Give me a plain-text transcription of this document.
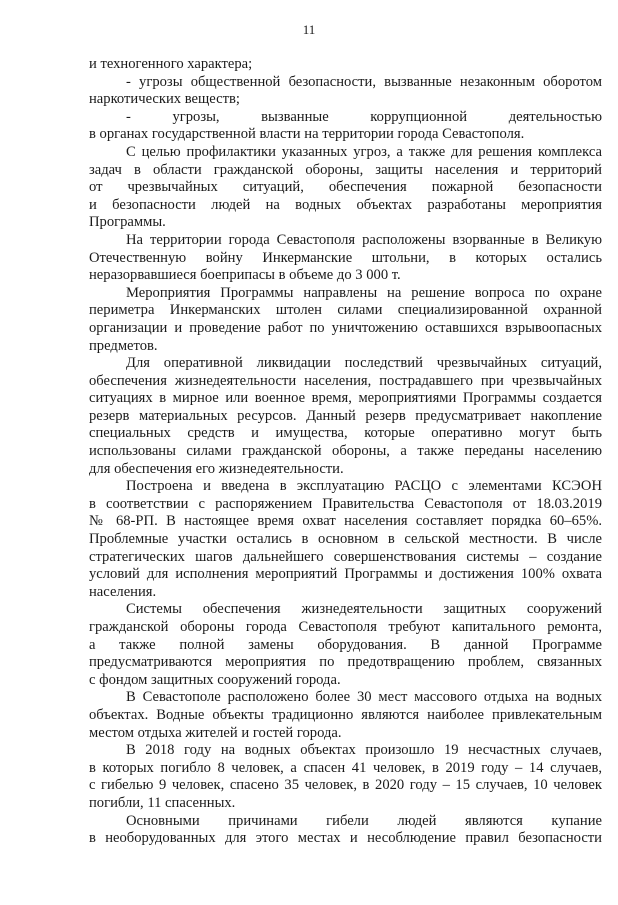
11
и техногенного характера;
- угрозы общественной безопасности, вызванные незаконным оборотом
наркотических веществ;
- угрозы, вызванные коррупционной деятельностью
в органах государственной власти на территории города Севастополя.
С целью профилактики указанных угроз, а также для решения комплекса
задач в области гражданской обороны, защиты населения и территорий
от чрезвычайных ситуаций, обеспечения пожарной безопасности
и безопасности людей на водных объектах разработаны мероприятия
Программы.
На территории города Севастополя расположены взорванные в Великую
Отечественную войну Инкерманские штольни, в которых остались
неразорвавшиеся боеприпасы в объеме до 3 000 т.
Мероприятия Программы направлены на решение вопроса по охране
периметра Инкерманских штолен силами специализированной охранной
организации и проведение работ по уничтожению оставшихся взрывоопасных
предметов.
Для оперативной ликвидации последствий чрезвычайных ситуаций,
обеспечения жизнедеятельности населения, пострадавшего при чрезвычайных
ситуациях в мирное или военное время, мероприятиями Программы создается
резерв материальных ресурсов. Данный резерв предусматривает накопление
специальных средств и имущества, которые оперативно могут быть
использованы силами гражданской обороны, а также переданы населению
для обеспечения его жизнедеятельности.
Построена и введена в эксплуатацию РАСЦО с элементами КСЭОН
в соответствии с распоряжением Правительства Севастополя от 18.03.2019
№ 68-РП. В настоящее время охват населения составляет порядка 60–65%.
Проблемные участки остались в основном в сельской местности. В числе
стратегических шагов дальнейшего совершенствования системы – создание
условий для исполнения мероприятий Программы и достижения 100% охвата
населения.
Системы обеспечения жизнедеятельности защитных сооружений
гражданской обороны города Севастополя требуют капитального ремонта,
а также полной замены оборудования. В данной Программе
предусматриваются мероприятия по предотвращению проблем, связанных
с фондом защитных сооружений города.
В Севастополе расположено более 30 мест массового отдыха на водных
объектах. Водные объекты традиционно являются наиболее привлекательным
местом отдыха жителей и гостей города.
В 2018 году на водных объектах произошло 19 несчастных случаев,
в которых погибло 8 человек, а спасен 41 человек, в 2019 году – 14 случаев,
с гибелью 9 человек, спасено 35 человек, в 2020 году – 15 случаев, 10 человек
погибли, 11 спасенных.
Основными причинами гибели людей являются купание
в необорудованных для этого местах и несоблюдение правил безопасности
